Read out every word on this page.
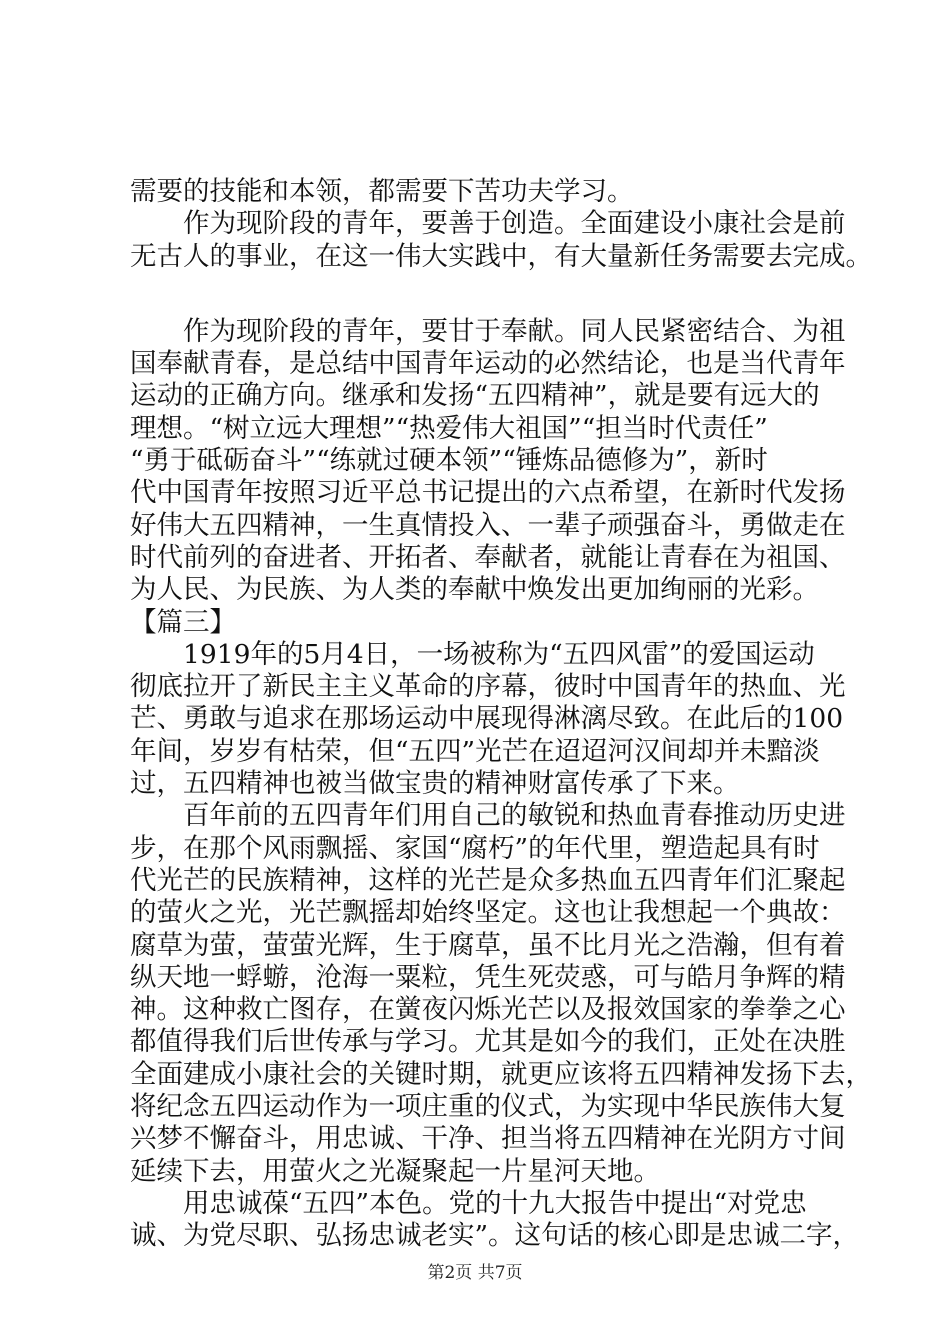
需要的技能和本领，都需要下苦功夫学习。
　　作为现阶段的青年，要善于创造。全面建设小康社会是前
无古人的事业，在这一伟大实践中，有大量新任务需要去完成。
　　作为现阶段的青年，要甘于奉献。同人民紧密结合、为祖
国奉献青春，是总结中国青年运动的必然结论，也是当代青年
运动的正确方向。继承和发扬“五四精神”，就是要有远大的
理想。“树立远大理想”“热爱伟大祖国”“担当时代责任”
“勇于砥砺奋斗”“练就过硬本领”“锤炼品德修为”，新时
代中国青年按照习近平总书记提出的六点希望，在新时代发扬
好伟大五四精神，一生真情投入、一辈子顽强奋斗，勇做走在
时代前列的奋进者、开拓者、奉献者，就能让青春在为祖国、
为人民、为民族、为人类的奉献中焕发出更加绚丽的光彩。
【篇三】
　　1919年的5月4日，一场被称为“五四风雷”的爱国运动
彻底拉开了新民主主义革命的序幕，彼时中国青年的热血、光
芒、勇敢与追求在那场运动中展现得淋漓尽致。在此后的100
年间，岁岁有枯荣，但“五四”光芒在迢迢河汉间却并未黯淡
过，五四精神也被当做宝贵的精神财富传承了下来。
　　百年前的五四青年们用自己的敏锐和热血青春推动历史进
步，在那个风雨飘摇、家国“腐朽”的年代里，塑造起具有时
代光芒的民族精神，这样的光芒是众多热血五四青年们汇聚起
的萤火之光，光芒飘摇却始终坚定。这也让我想起一个典故：
腐草为萤，萤萤光辉，生于腐草，虽不比月光之浩瀚，但有着
纵天地一蜉蝣，沧海一粟粒，凭生死荧惑，可与皓月争辉的精
神。这种救亡图存，在黉夜闪烁光芒以及报效国家的拳拳之心
都值得我们后世传承与学习。尤其是如今的我们，正处在决胜
全面建成小康社会的关键时期，就更应该将五四精神发扬下去，
将纪念五四运动作为一项庄重的仪式，为实现中华民族伟大复
兴梦不懈奋斗，用忠诚、干净、担当将五四精神在光阴方寸间
延续下去，用萤火之光凝聚起一片星河天地。
　　用忠诚葆“五四”本色。党的十九大报告中提出“对党忠
诚、为党尽职、弘扬忠诚老实”。这句话的核心即是忠诚二字，
第2页 共7页
